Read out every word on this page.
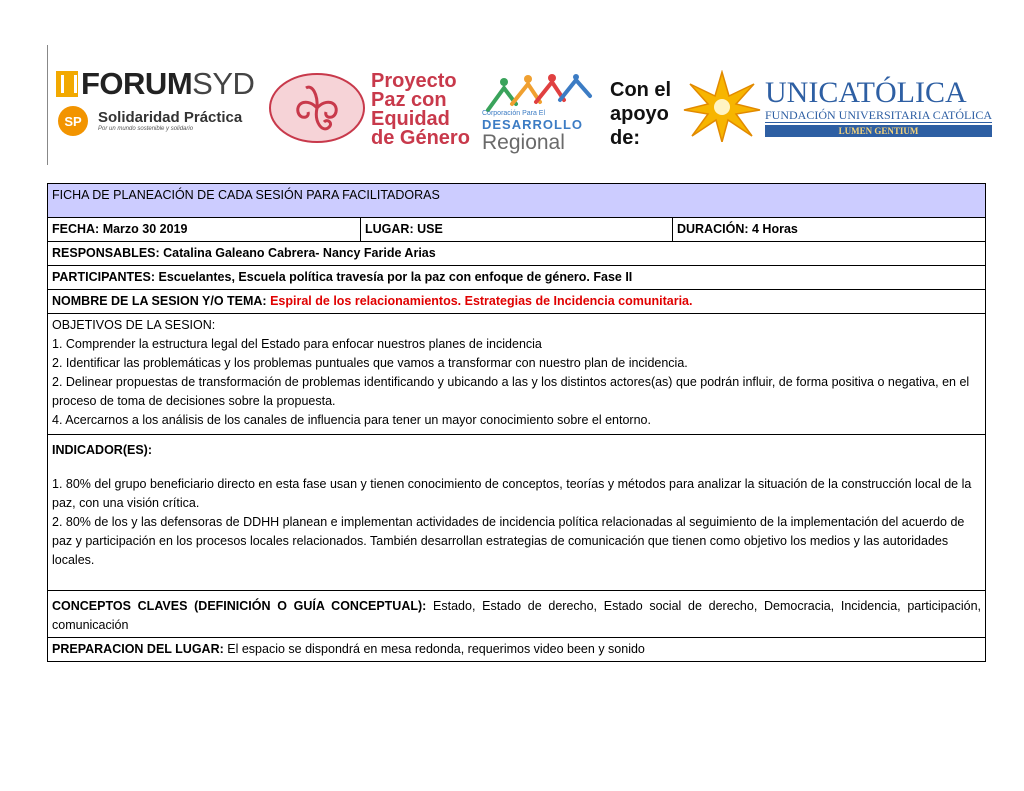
FORUMSYD
SP	Solidaridad Práctica
Por un mundo sostenible y solidario
Proyecto
Paz con
Equidad
de Género
Corporación Para El
DESARROLLO
Regional
Con el
apoyo
de:
UNICATÓLICA
FUNDACIÓN UNIVERSITARIA CATÓLICA
LUMEN GENTIUM
FICHA DE PLANEACIÓN DE CADA SESIÓN PARA FACILITADORAS
FECHA: Marzo 30 2019	LUGAR: USE	DURACIÓN: 4 Horas
RESPONSABLES: Catalina Galeano Cabrera- Nancy Faride Arias
PARTICIPANTES: Escuelantes, Escuela política travesía por la paz con enfoque de género. Fase II
NOMBRE DE LA SESION Y/O TEMA: Espiral de los relacionamientos. Estrategias de Incidencia comunitaria.

OBJETIVOS DE LA SESION:
1. Comprender la estructura legal del Estado para enfocar nuestros planes de incidencia
2. Identificar las problemáticas y los problemas puntuales que vamos a transformar con nuestro plan de incidencia.
2. Delinear propuestas de transformación de problemas identificando y ubicando a las y los distintos actores(as) que podrán influir, de forma positiva o negativa, en el proceso de toma de decisiones sobre la propuesta.
4. Acercarnos a los análisis de los canales de influencia para tener un mayor conocimiento sobre el entorno.

INDICADOR(ES):
1. 80% del grupo beneficiario directo en esta fase usan y tienen conocimiento de conceptos, teorías y métodos para analizar la situación de la construcción local de la paz, con una visión crítica.
2. 80% de los y las defensoras de DDHH planean e implementan actividades de incidencia política relacionadas al seguimiento de la implementación del acuerdo de paz y participación en los procesos locales relacionados. También desarrollan estrategias de comunicación que tienen como objetivo los medios y las autoridades locales.

CONCEPTOS CLAVES (DEFINICIÓN O GUÍA CONCEPTUAL): Estado, Estado de derecho, Estado social de derecho, Democracia, Incidencia, participación, comunicación
PREPARACION DEL LUGAR: El espacio se dispondrá en mesa redonda, requerimos video been y sonido
